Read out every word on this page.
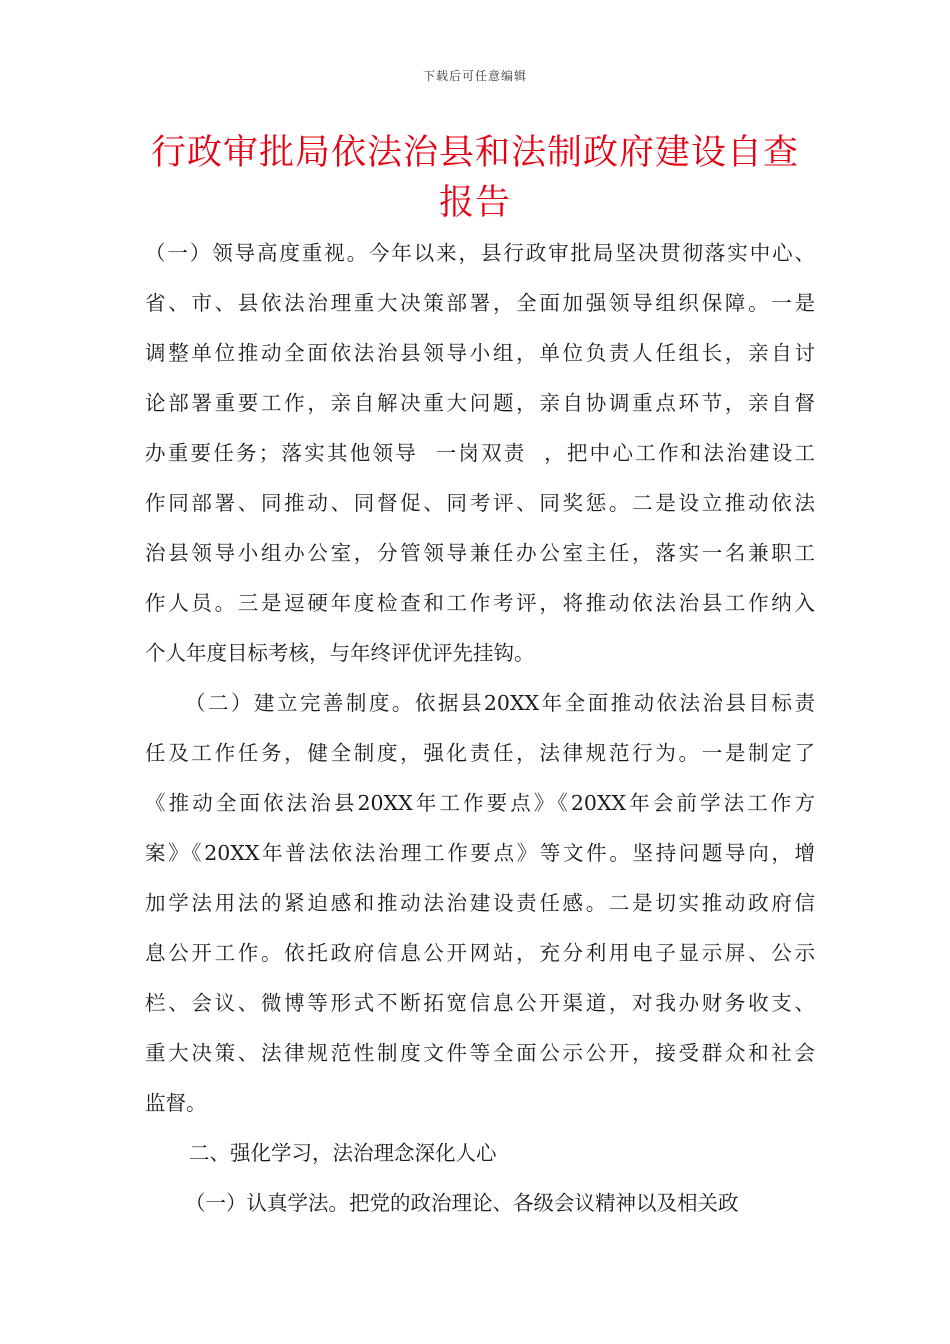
下载后可任意编辑
行政审批局依法治县和法制政府建设自查
报告
（一）领导高度重视。今年以来，县行政审批局坚决贯彻落实中心、
省、市、县依法治理重大决策部署，全面加强领导组织保障。一是
调整单位推动全面依法治县领导小组，单位负责人任组长，亲自讨
论部署重要工作，亲自解决重大问题，亲自协调重点环节，亲自督
办重要任务；落实其他领导  一岗双责  ，把中心工作和法治建设工
作同部署、同推动、同督促、同考评、同奖惩。二是设立推动依法
治县领导小组办公室，分管领导兼任办公室主任，落实一名兼职工
作人员。三是逗硬年度检查和工作考评，将推动依法治县工作纳入
个人年度目标考核，与年终评优评先挂钩。
（二）建立完善制度。依据县20XX年全面推动依法治县目标责
任及工作任务，健全制度，强化责任，法律规范行为。一是制定了
《推动全面依法治县20XX年工作要点》《20XX年会前学法工作方
案》《20XX年普法依法治理工作要点》等文件。坚持问题导向，增
加学法用法的紧迫感和推动法治建设责任感。二是切实推动政府信
息公开工作。依托政府信息公开网站，充分利用电子显示屏、公示
栏、会议、微博等形式不断拓宽信息公开渠道，对我办财务收支、
重大决策、法律规范性制度文件等全面公示公开，接受群众和社会
监督。
二、强化学习，法治理念深化人心
（一）认真学法。把党的政治理论、各级会议精神以及相关政
